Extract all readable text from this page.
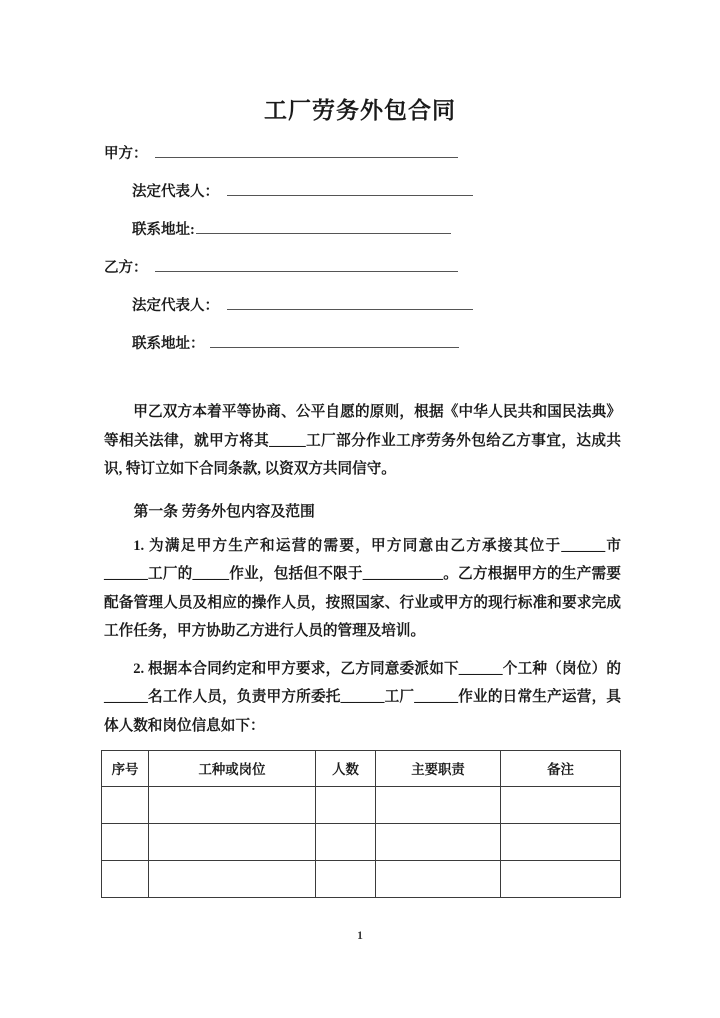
工厂劳务外包合同
甲方：
法定代表人：
联系地址:
乙方：
法定代表人：
联系地址：

甲乙双方本着平等协商、公平自愿的原则，根据《中华人民共和国民法典》等相关法律，就甲方将其_____工厂部分作业工序劳务外包给乙方事宜，达成共识, 特订立如下合同条款, 以资双方共同信守。

第一条 劳务外包内容及范围

1. 为满足甲方生产和运营的需要，甲方同意由乙方承接其位于______市______工厂的_____作业，包括但不限于___________。乙方根据甲方的生产需要配备管理人员及相应的操作人员，按照国家、行业或甲方的现行标准和要求完成工作任务，甲方协助乙方进行人员的管理及培训。

2. 根据本合同约定和甲方要求，乙方同意委派如下______个工种（岗位）的______名工作人员，负责甲方所委托______工厂______作业的日常生产运营，具体人数和岗位信息如下：

序号	工种或岗位	人数	主要职责	备注

1
